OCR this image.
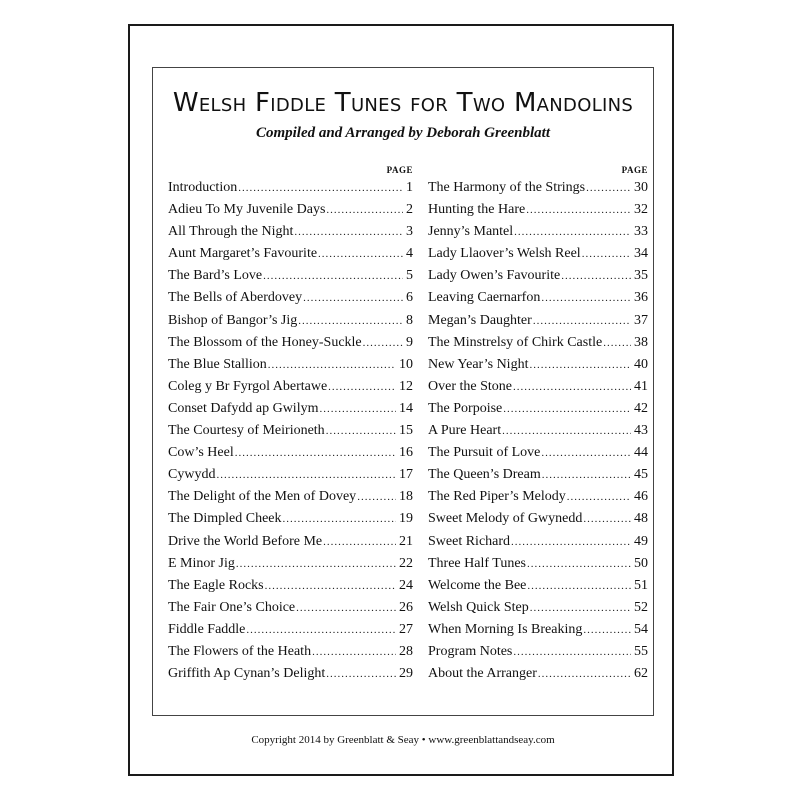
Welsh Fiddle Tunes for Two Mandolins
Compiled and Arranged by Deborah Greenblatt
PAGE
Introduction .....	1
Adieu To My Juvenile Days .....	2
All Through the Night .....	3
Aunt Margaret’s Favourite .....	4
The Bard’s Love .....	5
The Bells of Aberdovey .....	6
Bishop of Bangor’s Jig .....	8
The Blossom of the Honey-Suckle .....	9
The Blue Stallion .....	10
Coleg y Br Fyrgol Abertawe .....	12
Conset Dafydd ap Gwilym .....	14
The Courtesy of Meirioneth .....	15
Cow’s Heel .....	16
Cywydd .....	17
The Delight of the Men of Dovey .....	18
The Dimpled Cheek .....	19
Drive the World Before Me .....	21
E Minor Jig .....	22
The Eagle Rocks .....	24
The Fair One’s Choice .....	26
Fiddle Faddle .....	27
The Flowers of the Heath .....	28
Griffith Ap Cynan’s Delight .....	29
PAGE
The Harmony of the Strings .....	30
Hunting the Hare .....	32
Jenny’s Mantel .....	33
Lady Llaover’s Welsh Reel .....	34
Lady Owen’s Favourite .....	35
Leaving Caernarfon .....	36
Megan’s Daughter .....	37
The Minstrelsy of Chirk Castle ..... 38
New Year’s Night .....	40
Over the Stone .....	41
The Porpoise .....	42
A Pure Heart .....	43
The Pursuit of Love .....	44
The Queen’s Dream .....	45
The Red Piper’s Melody .....	46
Sweet Melody of Gwynedd .....	48
Sweet Richard .....	49
Three Half Tunes .....	50
Welcome the Bee .....	51
Welsh Quick Step .....	52
When Morning Is Breaking .....	54
Program Notes .....	55
About the Arranger .....	62
Copyright 2014 by Greenblatt & Seay • www.greenblattandseay.com
